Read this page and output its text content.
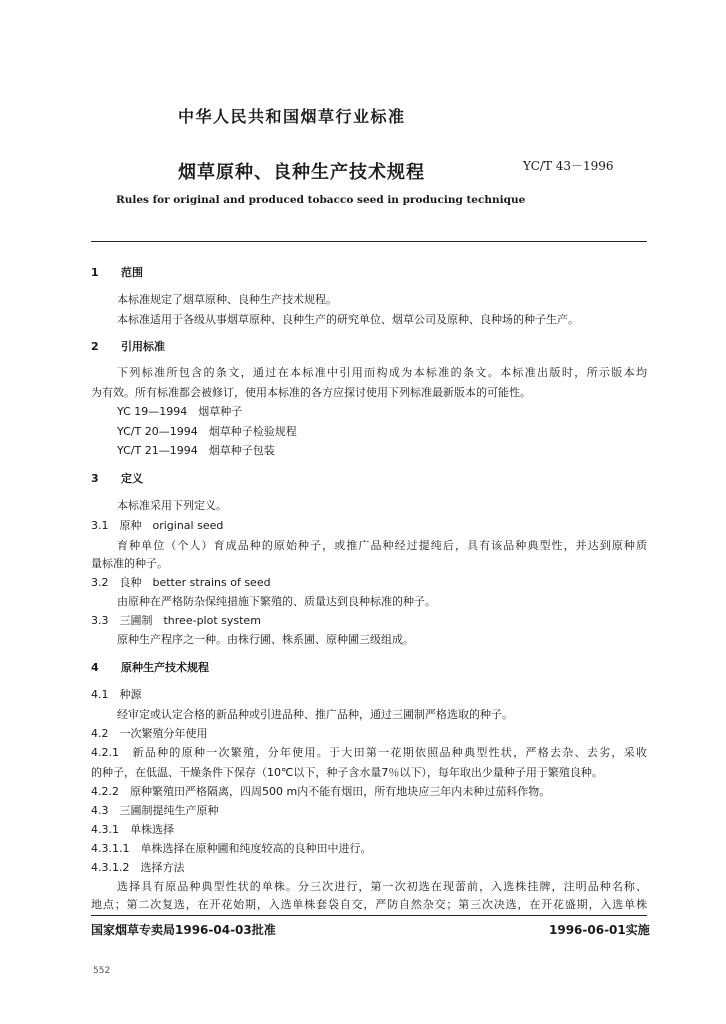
中华人民共和国烟草行业标准
烟草原种、良种生产技术规程	YC/T 43－1996
Rules for original and produced tobacco seed in producing technique
1 范围
本标准规定了烟草原种、良种生产技术规程。
本标准适用于各级从事烟草原种、良种生产的研究单位、烟草公司及原种、良种场的种子生产。
2 引用标准
下列标准所包含的条文，通过在本标准中引用而构成为本标准的条文。本标准出版时，所示版本均
为有效。所有标准都会被修订，使用本标准的各方应探讨使用下列标准最新版本的可能性。
YC 19—1994　烟草种子
YC/T 20—1994　烟草种子检验规程
YC/T 21—1994　烟草种子包装
3 定义
本标准采用下列定义。
3.1　原种　original seed
育种单位（个人）育成品种的原始种子，或推广品种经过提纯后，具有该品种典型性，并达到原种质
量标准的种子。
3.2　良种　better strains of seed
由原种在严格防杂保纯措施下繁殖的、质量达到良种标准的种子。
3.3　三圃制　three-plot system
原种生产程序之一种。由株行圃、株系圃、原种圃三级组成。
4 原种生产技术规程
4.1　种源
经审定或认定合格的新品种或引进品种、推广品种，通过三圃制严格选取的种子。
4.2　一次繁殖分年使用
4.2.1　新品种的原种一次繁殖，分年使用。于大田第一花期依照品种典型性状，严格去杂、去劣，采收
的种子，在低温、干燥条件下保存（10℃以下，种子含水量7％以下），每年取出少量种子用于繁殖良种。
4.2.2　原种繁殖田严格隔离，四周500 m内不能有烟田，所有地块应三年内未种过茄科作物。
4.3　三圃制提纯生产原种
4.3.1　单株选择
4.3.1.1　单株选择在原种圃和纯度较高的良种田中进行。
4.3.1.2　选择方法
选择具有原品种典型性状的单株。分三次进行，第一次初选在现蕾前，入选株挂牌，注明品种名称、
地点；第二次复选，在开花始期，入选单株套袋自交，严防自然杂交；第三次决选，在开花盛期，入选单株
国家烟草专卖局1996-04-03批准	1996-06-01实施
552
